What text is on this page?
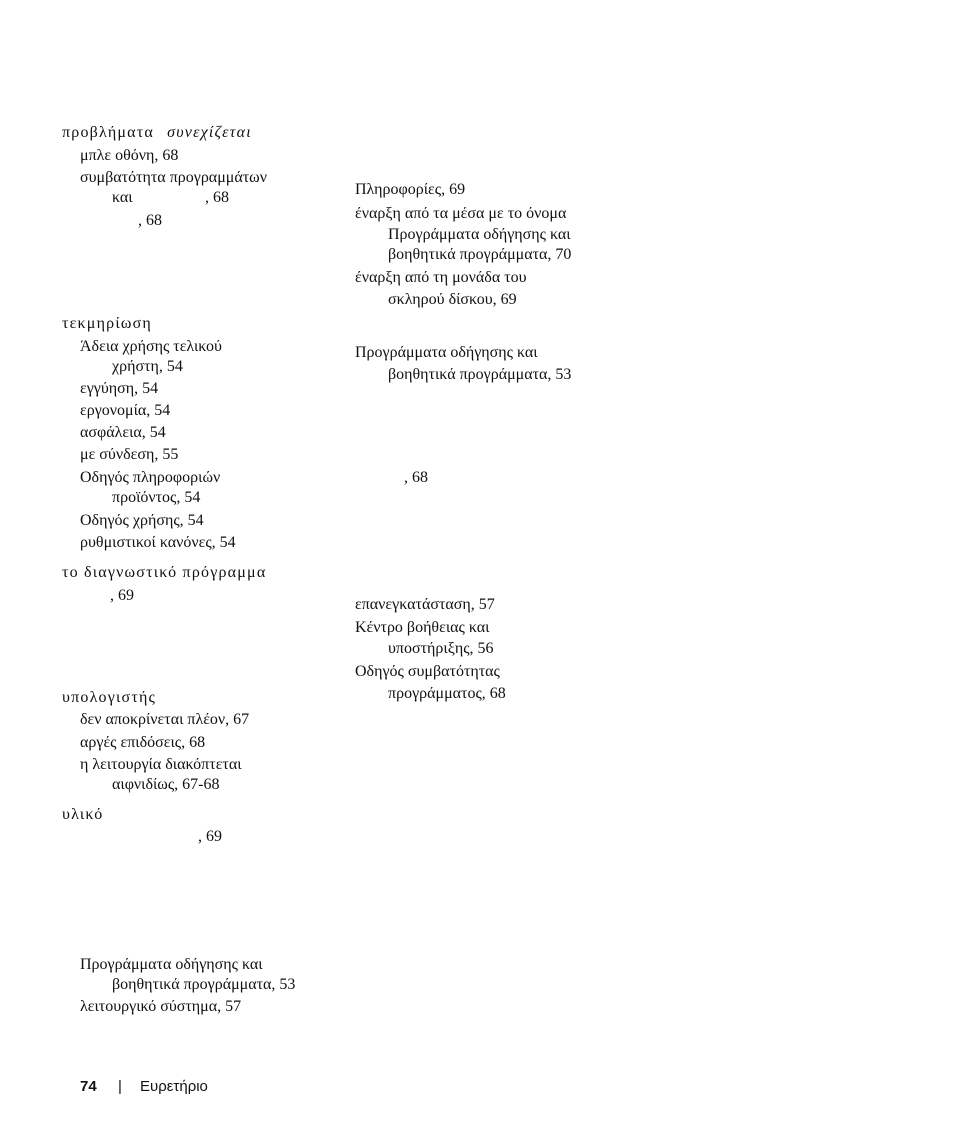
προβλήματα συνεχίζεται
μπλε οθόνη, 68
συμβατότητα προγραμμάτων
και	, 68
, 68
τεκμηρίωση
Άδεια χρήσης τελικού
χρήστη, 54
εγγύηση, 54
εργονομία, 54
ασφάλεια, 54
με σύνδεση, 55
Οδηγός πληροφοριών
προϊόντος, 54
Οδηγός χρήσης, 54
ρυθμιστικοί κανόνες, 54
το διαγνωστικό πρόγραμμα
, 69
υπολογιστής
δεν αποκρίνεται πλέον, 67
αργές επιδόσεις, 68
η λειτουργία διακόπτεται
αιφνιδίως, 67-68
υλικό
, 69
Προγράμματα οδήγησης και
βοηθητικά προγράμματα, 53
λειτουργικό σύστημα, 57
Πληροφορίες, 69
έναρξη από τα μέσα με το όνομα
Προγράμματα οδήγησης και
βοηθητικά προγράμματα, 70
έναρξη από τη μονάδα του
σκληρού δίσκου, 69
Προγράμματα οδήγησης και
βοηθητικά προγράμματα, 53
, 68
επανεγκατάσταση, 57
Κέντρο βοήθειας και
υποστήριξης, 56
Οδηγός συμβατότητας
προγράμματος, 68
74 | Ευρετήριο
